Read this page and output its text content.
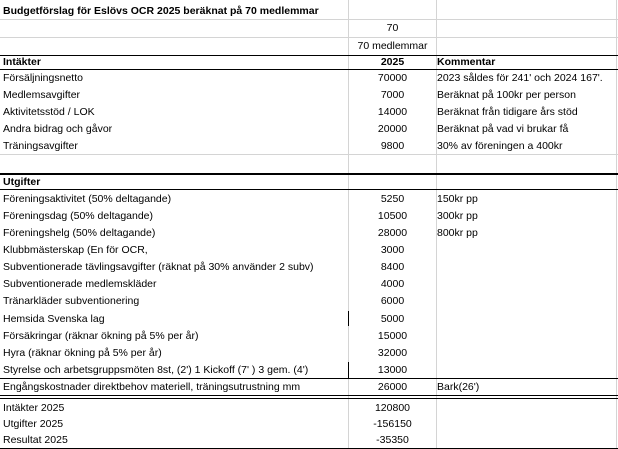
Budgetförslag för Eslövs OCR 2025 beräknat på 70 medlemmar
70
70 medlemmar
Intäkter	2025	Kommentar
Försäljningsnetto	70000	2023 såldes för 241' och 2024 167'.
Medlemsavgifter	7000	Beräknat på 100kr per person
Aktivitetsstöd / LOK	14000	Beräknat från tidigare års stöd
Andra bidrag och gåvor	20000	Beräknat på vad vi brukar få
Träningsavgifter	9800	30% av föreningen a 400kr
Utgifter
Föreningsaktivitet (50% deltagande)	5250	150kr pp
Föreningsdag (50% deltagande)	10500	300kr pp
Föreningshelg (50% deltagande)	28000	800kr pp
Klubbmästerskap (En för OCR,	3000
Subventionerade tävlingsavgifter (räknat på 30% använder 2 subv)	8400
Subventionerade medlemskläder	4000
Tränarkläder subventionering	6000
Hemsida Svenska lag	5000
Försäkringar (räknar ökning på 5% per år)	15000
Hyra (räknar ökning på 5% per år)	32000
Styrelse och arbetsgruppsmöten 8st, (2') 1 Kickoff (7' ) 3 gem. (4')	13000
Engångskostnader direktbehov materiell, träningsutrustning mm	26000	Bark(26')
Intäkter 2025	120800
Utgifter 2025	-156150
Resultat 2025	-35350
